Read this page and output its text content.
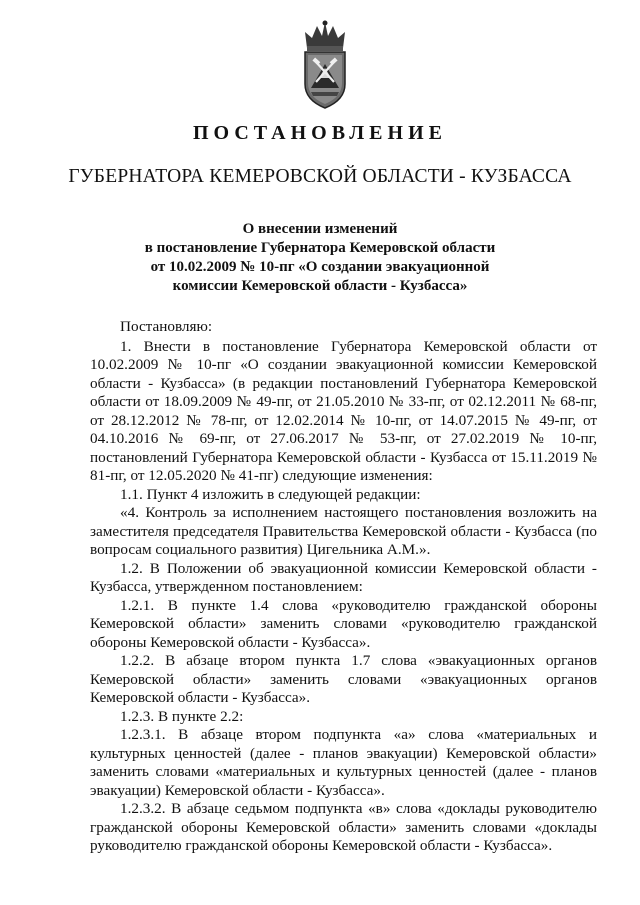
ПОСТАНОВЛЕНИЕ
ГУБЕРНАТОРА КЕМЕРОВСКОЙ ОБЛАСТИ - КУЗБАССА
О внесении изменений
в постановление Губернатора Кемеровской области
от 10.02.2009 № 10-пг «О создании эвакуационной
комиссии Кемеровской области - Кузбасса»

Постановляю:

1. Внести в постановление Губернатора Кемеровской области от 10.02.2009 № 10-пг «О создании эвакуационной комиссии Кемеровской области - Кузбасса» (в редакции постановлений Губернатора Кемеровской области от 18.09.2009 № 49-пг, от 21.05.2010 № 33-пг, от 02.12.2011 № 68-пг, от 28.12.2012 № 78-пг, от 12.02.2014 № 10-пг, от 14.07.2015 № 49-пг, от 04.10.2016 № 69-пг, от 27.06.2017 № 53-пг, от 27.02.2019 № 10-пг, постановлений Губернатора Кемеровской области - Кузбасса от 15.11.2019 № 81-пг, от 12.05.2020 № 41-пг) следующие изменения:

1.1. Пункт 4 изложить в следующей редакции:

«4. Контроль за исполнением настоящего постановления возложить на заместителя председателя Правительства Кемеровской области - Кузбасса (по вопросам социального развития) Цигельника А.М.».

1.2. В Положении об эвакуационной комиссии Кемеровской области - Кузбасса, утвержденном постановлением:

1.2.1. В пункте 1.4 слова «руководителю гражданской обороны Кемеровской области» заменить словами «руководителю гражданской обороны Кемеровской области - Кузбасса».

1.2.2. В абзаце втором пункта 1.7 слова «эвакуационных органов Кемеровской области» заменить словами «эвакуационных органов Кемеровской области - Кузбасса».

1.2.3. В пункте 2.2:

1.2.3.1. В абзаце втором подпункта «а» слова «материальных и культурных ценностей (далее - планов эвакуации) Кемеровской области» заменить словами «материальных и культурных ценностей (далее - планов эвакуации) Кемеровской области - Кузбасса».

1.2.3.2. В абзаце седьмом подпункта «в» слова «доклады руководителю гражданской обороны Кемеровской области» заменить словами «доклады руководителю гражданской обороны Кемеровской области - Кузбасса».
